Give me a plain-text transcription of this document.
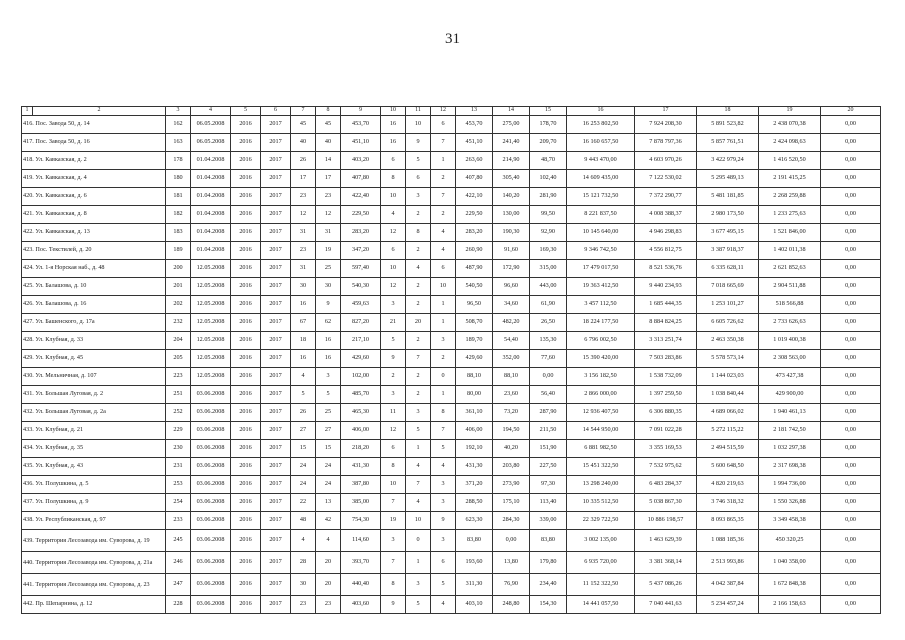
31
1	2	3	4	5	6	7	8	9	10	11	12	13	14	15	16	17	18	19	20
416. Пос. Завода 50, д. 14		162	06.05.2008	2016	2017	45	45	453,70	16	10	6	453,70	275,00	178,70	16 253 802,50	7 924 208,30	5 891 523,82	2 438 070,38	0,00
417. Пос. Завода 50, д. 16		163	06.05.2008	2016	2017	40	40	451,10	16	9	7	451,10	241,40	209,70	16 160 657,50	7 878 797,36	5 857 761,51	2 424 098,63	0,00
418. Ул. Кавказская, д. 2		178	01.04.2008	2016	2017	26	14	403,20	6	5	1	263,60	214,90	48,70	9 443 470,00	4 603 970,26	3 422 979,24	1 416 520,50	0,00
419. Ул. Кавказская, д. 4		180	01.04.2008	2016	2017	17	17	407,80	8	6	2	407,80	305,40	102,40	14 609 435,00	7 122 530,02	5 295 489,13	2 191 415,25	0,00
420. Ул. Кавказская, д. 6		181	01.04.2008	2016	2017	23	23	422,40	10	3	7	422,10	140,20	281,90	15 121 732,50	7 372 290,77	5 481 181,85	2 268 259,88	0,00
421. Ул. Кавказская, д. 8		182	01.04.2008	2016	2017	12	12	229,50	4	2	2	229,50	130,00	99,50	8 221 837,50	4 008 388,37	2 980 173,50	1 233 275,63	0,00
422. Ул. Кавказская, д. 13		183	01.04.2008	2016	2017	31	31	283,20	12	8	4	283,20	190,30	92,90	10 145 640,00	4 946 298,83	3 677 495,15	1 521 846,00	0,00
423. Пос. Текстилей, д. 20		189	01.04.2008	2016	2017	23	19	347,20	6	2	4	260,90	91,60	169,30	9 346 742,50	4 556 812,75	3 387 918,37	1 402 011,38	0,00
424. Ул. 1-я Норская наб., д. 48		200	12.05.2008	2016	2017	31	25	597,40	10	4	6	487,90	172,90	315,00	17 479 017,50	8 521 536,76	6 335 628,11	2 621 852,63	0,00
425. Ул. Балашова, д. 10		201	12.05.2008	2016	2017	30	30	540,30	12	2	10	540,50	96,60	443,00	19 363 412,50	9 440 234,93	7 018 665,69	2 904 511,88	0,00
426. Ул. Балашова, д. 16		202	12.05.2008	2016	2017	16	9	459,63	3	2	1	96,50	34,60	61,90	3 457 112,50	1 685 444,35	1 253 101,27	518 566,88	0,00
427. Ул. Башенского, д. 17а		232	12.05.2008	2016	2017	67	62	827,20	21	20	1	508,70	482,20	26,50	18 224 177,50	8 884 824,25	6 605 726,62	2 733 626,63	0,00
428. Ул. Клубная, д. 33		204	12.05.2008	2016	2017	18	16	217,10	5	2	3	189,70	54,40	135,30	6 796 002,50	3 313 251,74	2 463 350,38	1 019 400,38	0,00
429. Ул. Клубная, д. 45		205	12.05.2008	2016	2017	16	16	429,60	9	7	2	429,60	352,00	77,60	15 390 420,00	7 503 283,86	5 578 573,14	2 308 563,00	0,00
430. Ул. Мельничная, д. 107		223	12.05.2008	2016	2017	4	3	102,00	2	2	0	88,10	88,10	0,00	3 156 182,50	1 538 732,09	1 144 023,03	473 427,38	0,00
431. Ул. Большая Луговая, д. 2		251	03.06.2008	2016	2017	5	5	485,70	3	2	1	80,00	23,60	56,40	2 866 000,00	1 397 259,50	1 038 840,44	429 900,00	0,00
432. Ул. Большая Луговая, д. 2а		252	03.06.2008	2016	2017	26	25	465,30	11	3	8	361,10	73,20	287,90	12 936 407,50	6 306 880,35	4 689 066,02	1 940 461,13	0,00
433. Ул. Клубная, д. 21		229	03.06.2008	2016	2017	27	27	406,00	12	5	7	406,00	194,50	211,50	14 544 950,00	7 091 022,28	5 272 115,22	2 181 742,50	0,00
434. Ул. Клубная, д. 35		230	03.06.2008	2016	2017	15	15	218,20	6	1	5	192,10	40,20	151,90	6 881 982,50	3 355 169,53	2 494 515,59	1 032 297,38	0,00
435. Ул. Клубная, д. 43		231	03.06.2008	2016	2017	24	24	431,30	8	4	4	431,30	203,80	227,50	15 451 322,50	7 532 975,62	5 600 648,50	2 317 698,38	0,00
436. Ул. Полушкина, д. 5		253	03.06.2008	2016	2017	24	24	387,80	10	7	3	371,20	273,90	97,30	13 298 240,00	6 483 284,37	4 820 219,63	1 994 736,00	0,00
437. Ул. Полушкина, д. 9		254	03.06.2008	2016	2017	22	13	385,00	7	4	3	288,50	175,10	113,40	10 335 512,50	5 038 867,30	3 746 318,32	1 550 326,88	0,00
438. Ул. Республиканская, д. 97		233	03.06.2008	2016	2017	48	42	754,30	19	10	9	623,30	284,30	339,00	22 329 722,50	10 886 198,57	8 093 865,35	3 349 458,38	0,00
439. Территория Лесозавода им. Суворова, д. 19		245	03.06.2008	2016	2017	4	4	114,60	3	0	3	83,80	0,00	83,80	3 002 135,00	1 463 629,39	1 088 185,36	450 320,25	0,00
440. Территория Лесозавода им. Суворова, д. 21а		246	03.06.2008	2016	2017	28	20	393,70	7	1	6	193,60	13,80	179,80	6 935 720,00	3 381 368,14	2 513 993,86	1 040 358,00	0,00
441. Территория Лесозавода им. Суворова, д. 23		247	03.06.2008	2016	2017	30	20	440,40	8	3	5	311,30	76,90	234,40	11 152 322,50	5 437 086,26	4 042 387,84	1 672 848,38	0,00
442. Пр. Шепарнина, д. 12		228	03.06.2008	2016	2017	23	23	403,60	9	5	4	403,10	248,80	154,30	14 441 057,50	7 040 441,63	5 234 457,24	2 166 158,63	0,00
